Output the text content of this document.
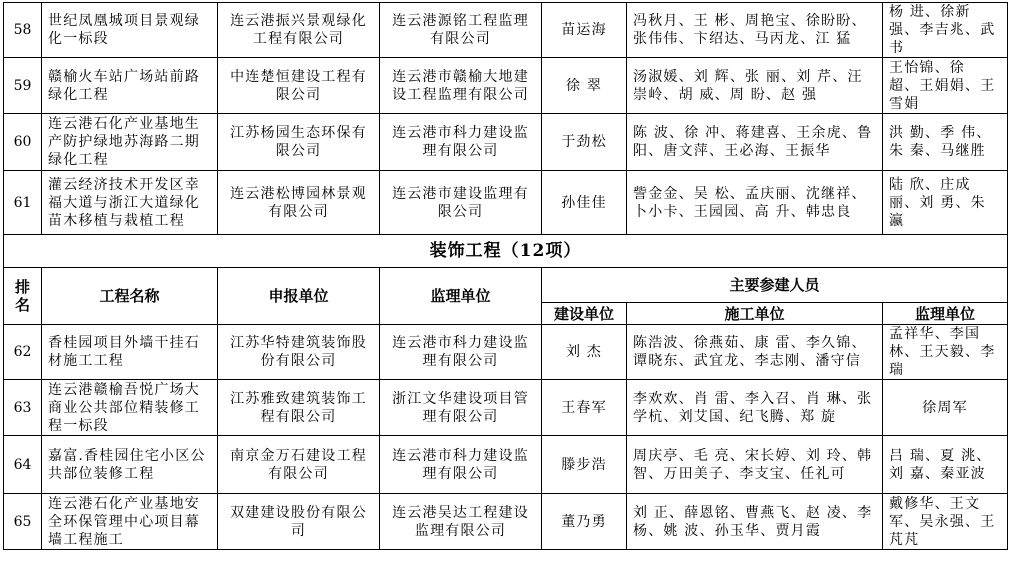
58	世纪凤凰城项目景观绿化一标段	连云港振兴景观绿化工程有限公司	连云港源铭工程监理有限公司	苗运海	冯秋月、王 彬、周艳宝、徐盼盼、张伟伟、卞绍达、马丙龙、江 猛	杨 进、徐新强、李吉兆、武 书
59	赣榆火车站广场站前路绿化工程	中连楚恒建设工程有限公司	连云港市赣榆大地建设工程监理有限公司	徐 翠	汤淑媛、刘 辉、张 丽、刘 芹、汪崇岭、胡 威、周 盼、赵 强	王怡锦、徐 超、王娟娟、王雪娟
60	连云港石化产业基地生产防护绿地苏海路二期绿化工程	江苏杨园生态环保有限公司	连云港市科力建设监理有限公司	于劲松	陈 波、徐 冲、蒋建喜、王余虎、鲁 阳、唐文萍、王必海、王振华	洪 勤、季 伟、朱 秦、马继胜
61	灌云经济技术开发区幸福大道与浙江大道绿化苗木移植与栽植工程	连云港松博园林景观有限公司	连云港市建设监理有限公司	孙佳佳	訾金金、吴 松、孟庆丽、沈继祥、卜小卡、王园园、高 升、韩忠良	陆 欣、庄成丽、刘 勇、朱 瀛
装饰工程（12项）						
排名	工程名称	申报单位	监理单位	主要参建人员		
				建设单位	施工单位	监理单位
62	香桂园项目外墙干挂石材施工工程	江苏华特建筑装饰股份有限公司	连云港市科力建设监理有限公司	刘 杰	陈浩波、徐燕茹、康 雷、李久锦、谭晓东、武宜龙、李志刚、潘守信	孟祥华、李国林、王天毅、李 瑞
63	连云港赣榆吾悦广场大商业公共部位精装修工程一标段	江苏雅致建筑装饰工程有限公司	浙江文华建设项目管理有限公司	王春军	李欢欢、肖 雷、李入召、肖 琳、张学杭、刘艾国、纪飞腾、郑 旋	徐周军
64	嘉富.香桂园住宅小区公共部位装修工程	南京金万石建设工程有限公司	连云港市科力建设监理有限公司	滕步浩	周庆亭、毛 亮、宋长婷、刘 玲、韩 智、万田美子、李支宝、任礼可	吕 瑞、夏 洮、刘 嘉、秦亚波
65	连云港石化产业基地安全环保管理中心项目幕墙工程施工	双建建设股份有限公司	连云港吴达工程建设监理有限公司	董乃勇	刘 正、薛恩铭、曹燕飞、赵 凌、李 杨、姚 波、孙玉华、贾月霞	戴修华、王文军、吴永强、王芃芃
